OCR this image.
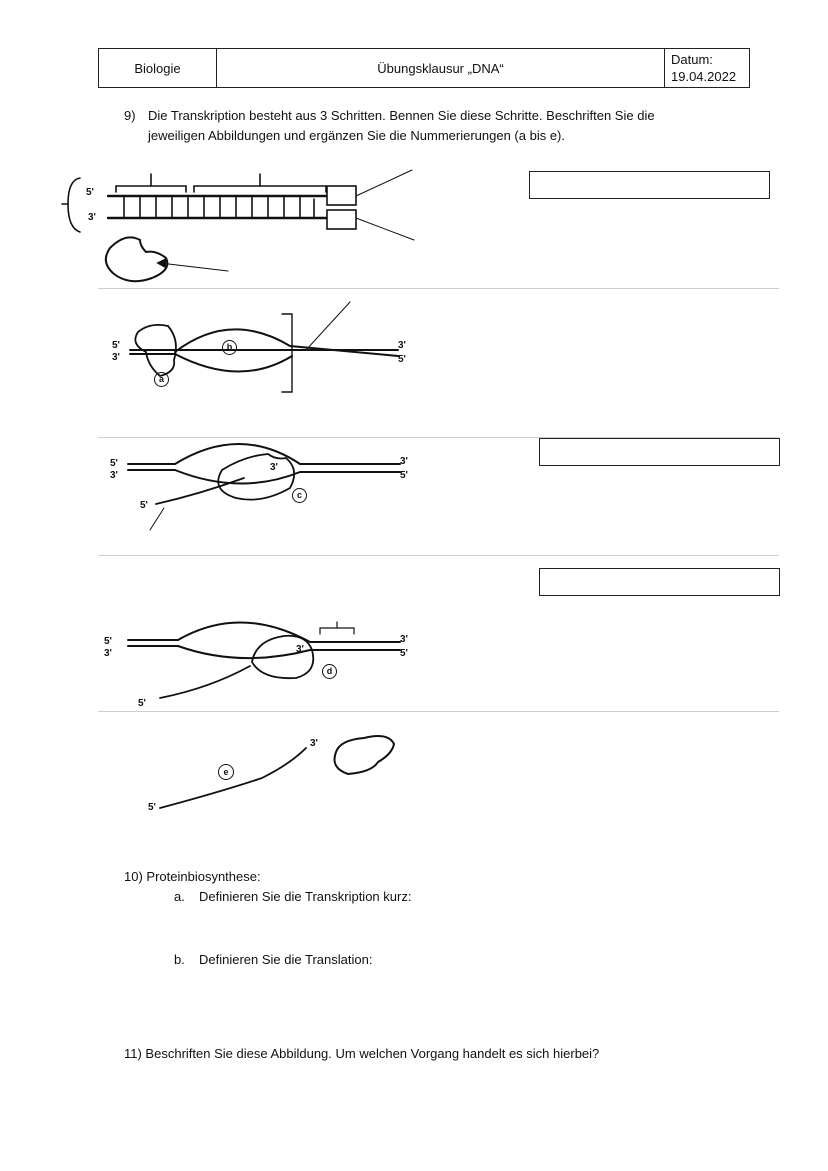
Biologie	Übungsklausur „DNA“
Datum:
19.04.2022
9) Die Transkription besteht aus 3 Schritten. Bennen Sie diese Schritte. Beschriften Sie die
jeweiligen Abbildungen und ergänzen Sie die Nummerierungen (a bis e).
5'
3'
5'
3'
3'
5'
b
a
5'
3'
3'
5'
3'
5'
c
5'
3'
3'
5'
3'
5'
d
3'
5'
e
10) Proteinbiosynthese:
a. Definieren Sie die Transkription kurz:
b. Definieren Sie die Translation:
11) Beschriften Sie diese Abbildung. Um welchen Vorgang handelt es sich hierbei?
